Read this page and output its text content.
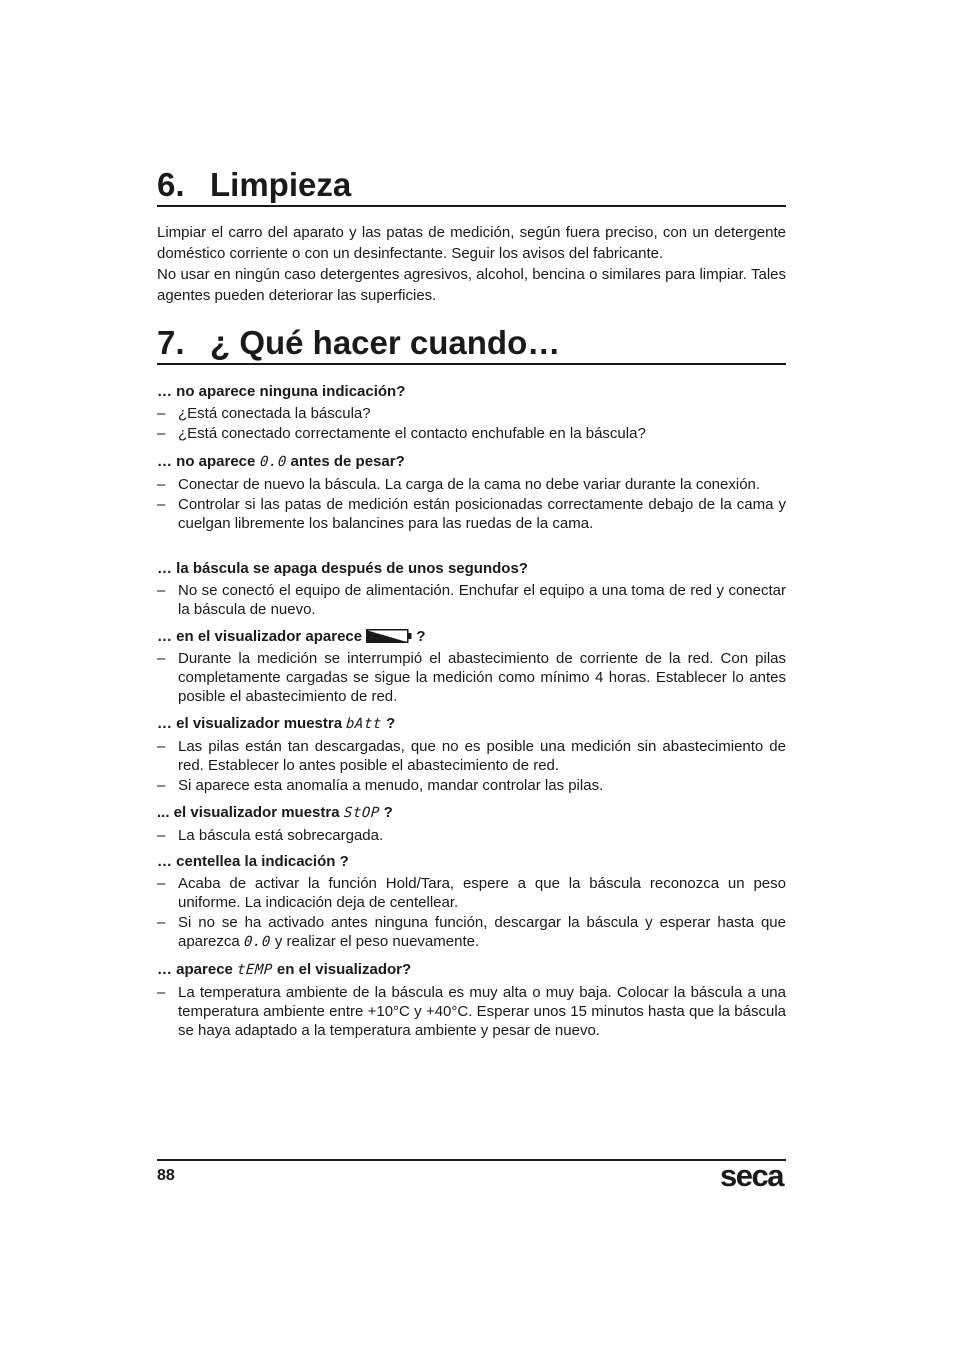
6. Limpieza

Limpiar el carro del aparato y las patas de medición, según fuera preciso, con un detergente doméstico corriente o con un desinfectante. Seguir los avisos del fabricante.

No usar en ningún caso detergentes agresivos, alcohol, bencina o similares para limpiar. Tales agentes pueden deteriorar las superficies.

7. ¿ Qué hacer cuando…

… no aparece ninguna indicación?

– ¿Está conectada la báscula?
– ¿Está conectado correctamente el contacto enchufable en la báscula?

… no aparece 0.0 antes de pesar?

– Conectar de nuevo la báscula. La carga de la cama no debe variar durante la conexión.
– Controlar si las patas de medición están posicionadas correctamente debajo de la cama y cuelgan libremente los balancines para las ruedas de la cama.

… la báscula se apaga después de unos segundos?

– No se conectó el equipo de alimentación. Enchufar el equipo a una toma de red y conectar la báscula de nuevo.

… en el visualizador aparece	?

– Durante la medición se interrumpió el abastecimiento de corriente de la red. Con pilas completamente cargadas se sigue la medición como mínimo 4 horas. Establecer lo antes posible el abastecimiento de red.

… el visualizador muestra bAtt ?

– Las pilas están tan descargadas, que no es posible una medición sin abastecimiento de red. Establecer lo antes posible el abastecimiento de red.
– Si aparece esta anomalía a menudo, mandar controlar las pilas.

... el visualizador muestra StOP ?

– La báscula está sobrecargada.

… centellea la indicación ?

– Acaba de activar la función Hold/Tara, espere a que la báscula reconozca un peso uniforme. La indicación deja de centellear.
– Si no se ha activado antes ninguna función, descargar la báscula y esperar hasta que aparezca 0.0 y realizar el peso nuevamente.

… aparece tEMP en el visualizador?

– La temperatura ambiente de la báscula es muy alta o muy baja. Colocar la báscula a una temperatura ambiente entre +10°C y +40°C. Esperar unos 15 minutos hasta que la báscula se haya adaptado a la temperatura ambiente y pesar de nuevo.
88	seca
